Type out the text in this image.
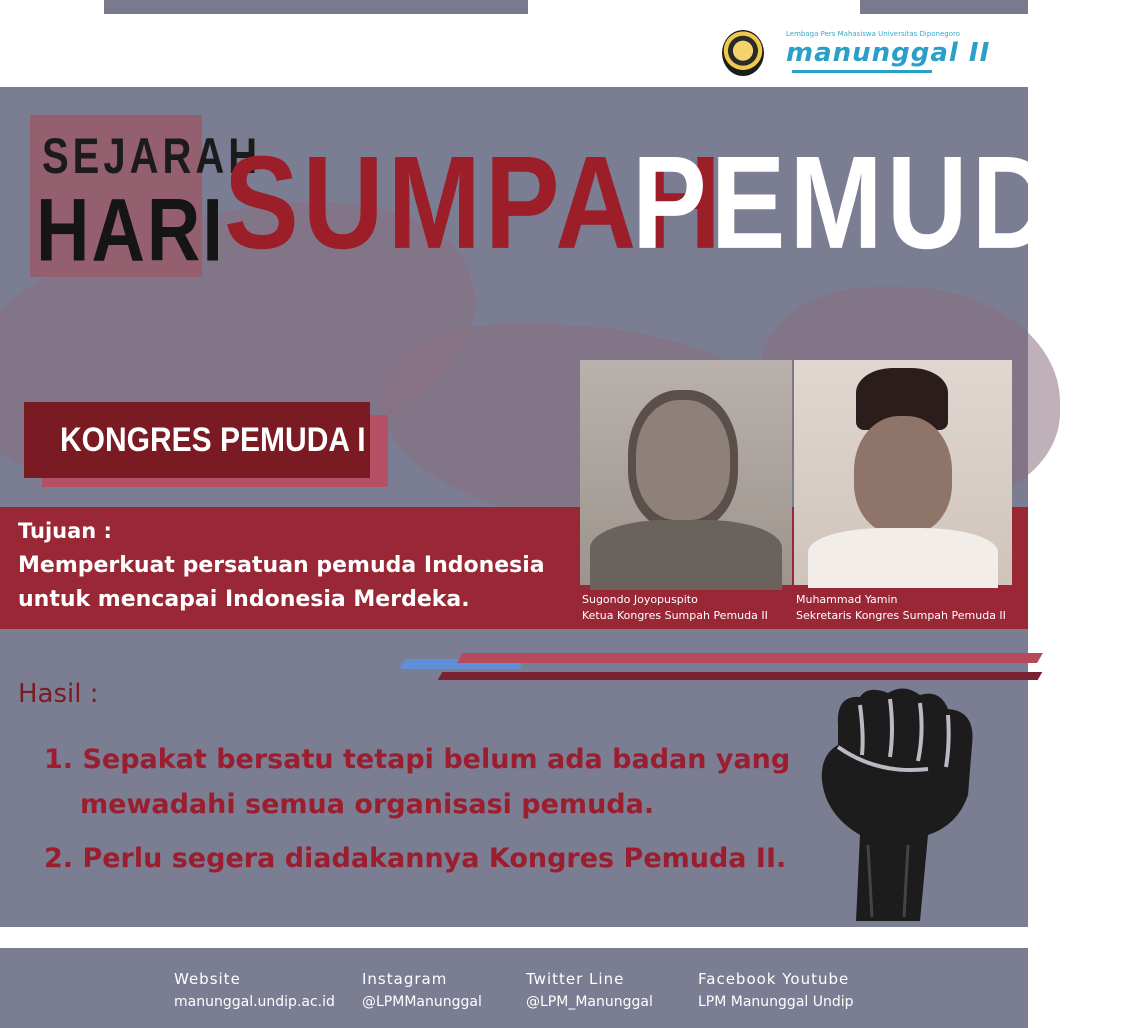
Lembaga Pers Mahasiswa Universitas Diponegoro
manunggal II
SEJARAH
HARI SUMPAH
PEMUDA
KONGRES PEMUDA I
Tujuan :
Memperkuat persatuan pemuda Indonesia
untuk mencapai Indonesia Merdeka.	Sugondo Joyopuspito
Ketua Kongres Sumpah Pemuda II
Muhammad Yamin
Sekretaris Kongres Sumpah Pemuda II
Hasil :
1. Sepakat bersatu tetapi belum ada badan yang
mewadahi semua organisasi pemuda.
2. Perlu segera diadakannya Kongres Pemuda II.
Website
manunggal.undip.ac.id
Instagram
@LPMManunggal
Twitter Line
@LPM_Manunggal
Facebook Youtube
LPM Manunggal Undip
